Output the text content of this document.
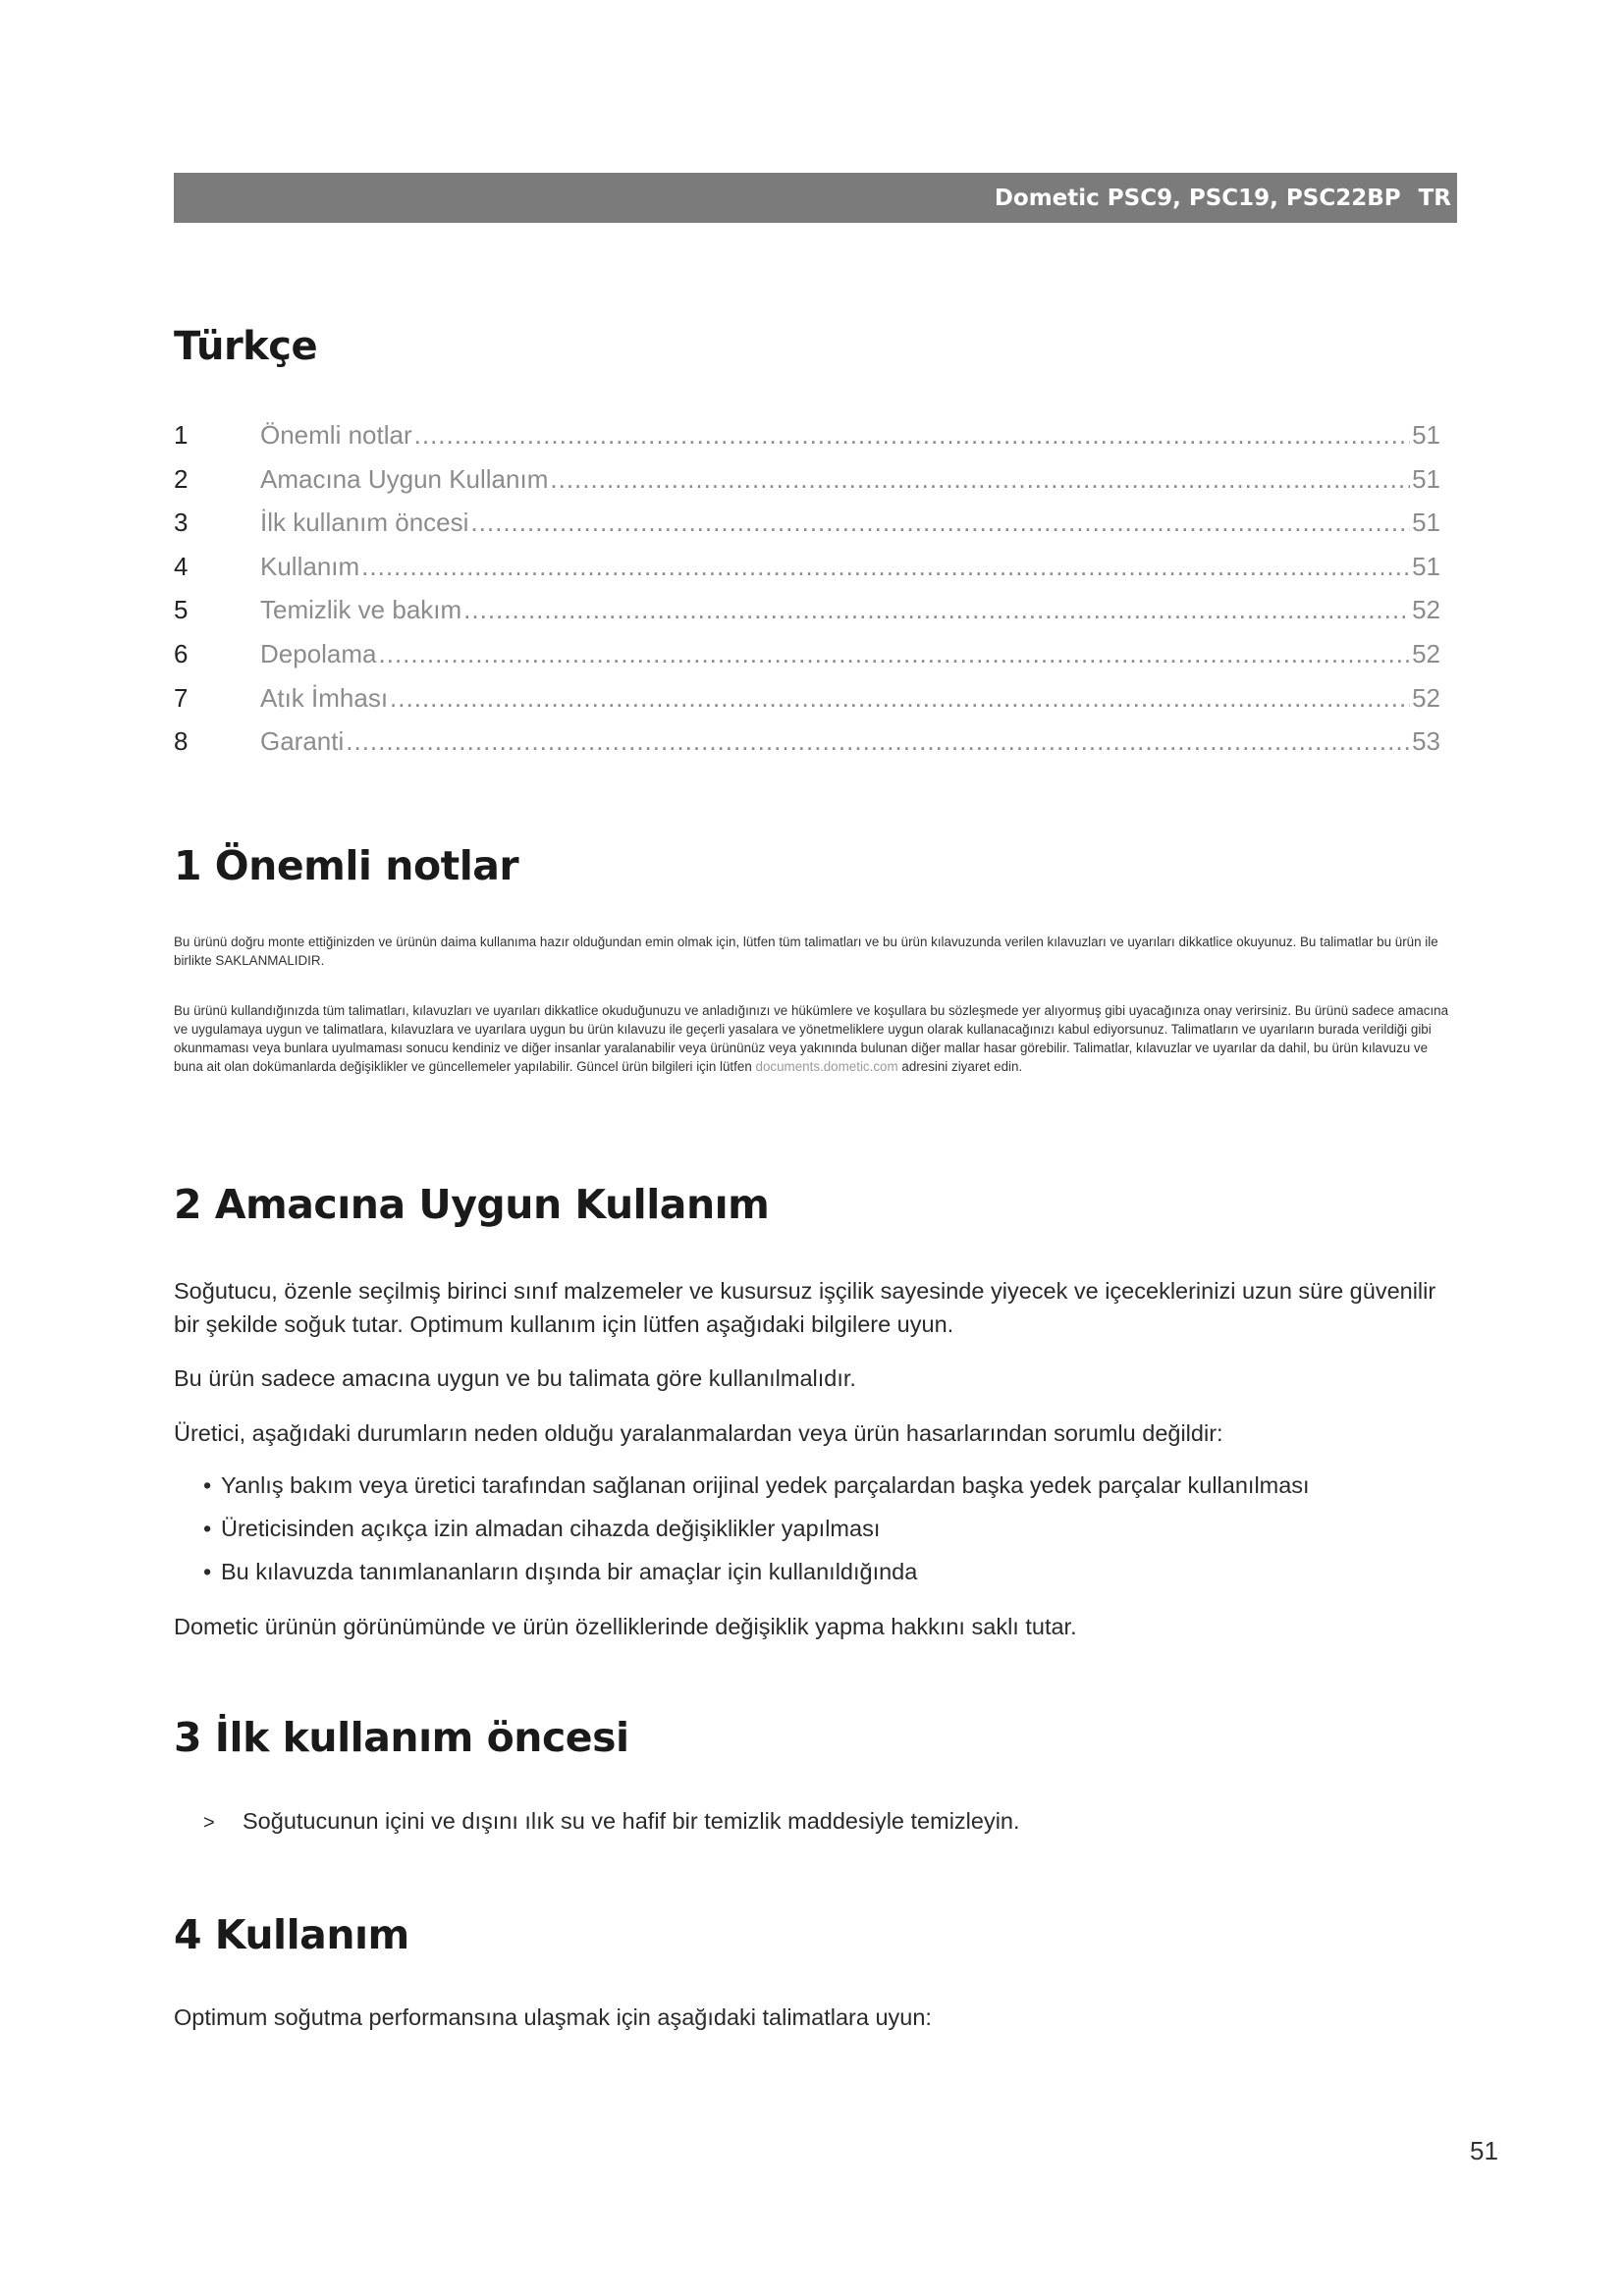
Dometic PSC9, PSC19, PSC22BP TR
Türkçe
1	Önemli notlar .....	51
2	Amacına Uygun Kullanım .....	51
3	İlk kullanım öncesi .....	51
4	Kullanım .....	51
5	Temizlik ve bakım .....	52
6	Depolama .....	52
7	Atık İmhası .....	52
8	Garanti .....	53
1 Önemli notlar

Bu ürünü doğru monte ettiğinizden ve ürünün daima kullanıma hazır olduğundan emin olmak için, lütfen tüm talimatları ve bu ürün kılavuzunda verilen kılavuzları ve uyarıları dikkatlice okuyunuz. Bu talimatlar bu ürün ile birlikte SAKLANMALIDIR.

Bu ürünü kullandığınızda tüm talimatları, kılavuzları ve uyarıları dikkatlice okuduğunuzu ve anladığınızı ve hükümlere ve koşullara bu sözleşmede yer alıyormuş gibi uyacağınıza onay verirsiniz. Bu ürünü sadece amacına ve uygulamaya uygun ve talimatlara, kılavuzlara ve uyarılara uygun bu ürün kılavuzu ile geçerli yasalara ve yönetmeliklere uygun olarak kullanacağınızı kabul ediyorsunuz. Talimatların ve uyarıların burada verildiği gibi okunmaması veya bunlara uyulmaması sonucu kendiniz ve diğer insanlar yaralanabilir veya ürününüz veya yakınında bulunan diğer mallar hasar görebilir. Talimatlar, kılavuzlar ve uyarılar da dahil, bu ürün kılavuzu ve buna ait olan dokümanlarda değişiklikler ve güncellemeler yapılabilir. Güncel ürün bilgileri için lütfen documents.dometic.com adresini ziyaret edin.

2 Amacına Uygun Kullanım

Soğutucu, özenle seçilmiş birinci sınıf malzemeler ve kusursuz işçilik sayesinde yiyecek ve içeceklerinizi uzun süre güvenilir bir şekilde soğuk tutar. Optimum kullanım için lütfen aşağıdaki bilgilere uyun.

Bu ürün sadece amacına uygun ve bu talimata göre kullanılmalıdır.

Üretici, aşağıdaki durumların neden olduğu yaralanmalardan veya ürün hasarlarından sorumlu değildir:

• Yanlış bakım veya üretici tarafından sağlanan orijinal yedek parçalardan başka yedek parçalar kullanılması
• Üreticisinden açıkça izin almadan cihazda değişiklikler yapılması
• Bu kılavuzda tanımlananların dışında bir amaçlar için kullanıldığında

Dometic ürünün görünümünde ve ürün özelliklerinde değişiklik yapma hakkını saklı tutar.

3 İlk kullanım öncesi
> Soğutucunun içini ve dışını ılık su ve hafif bir temizlik maddesiyle temizleyin.
4 Kullanım

Optimum soğutma performansına ulaşmak için aşağıdaki talimatlara uyun:

51
